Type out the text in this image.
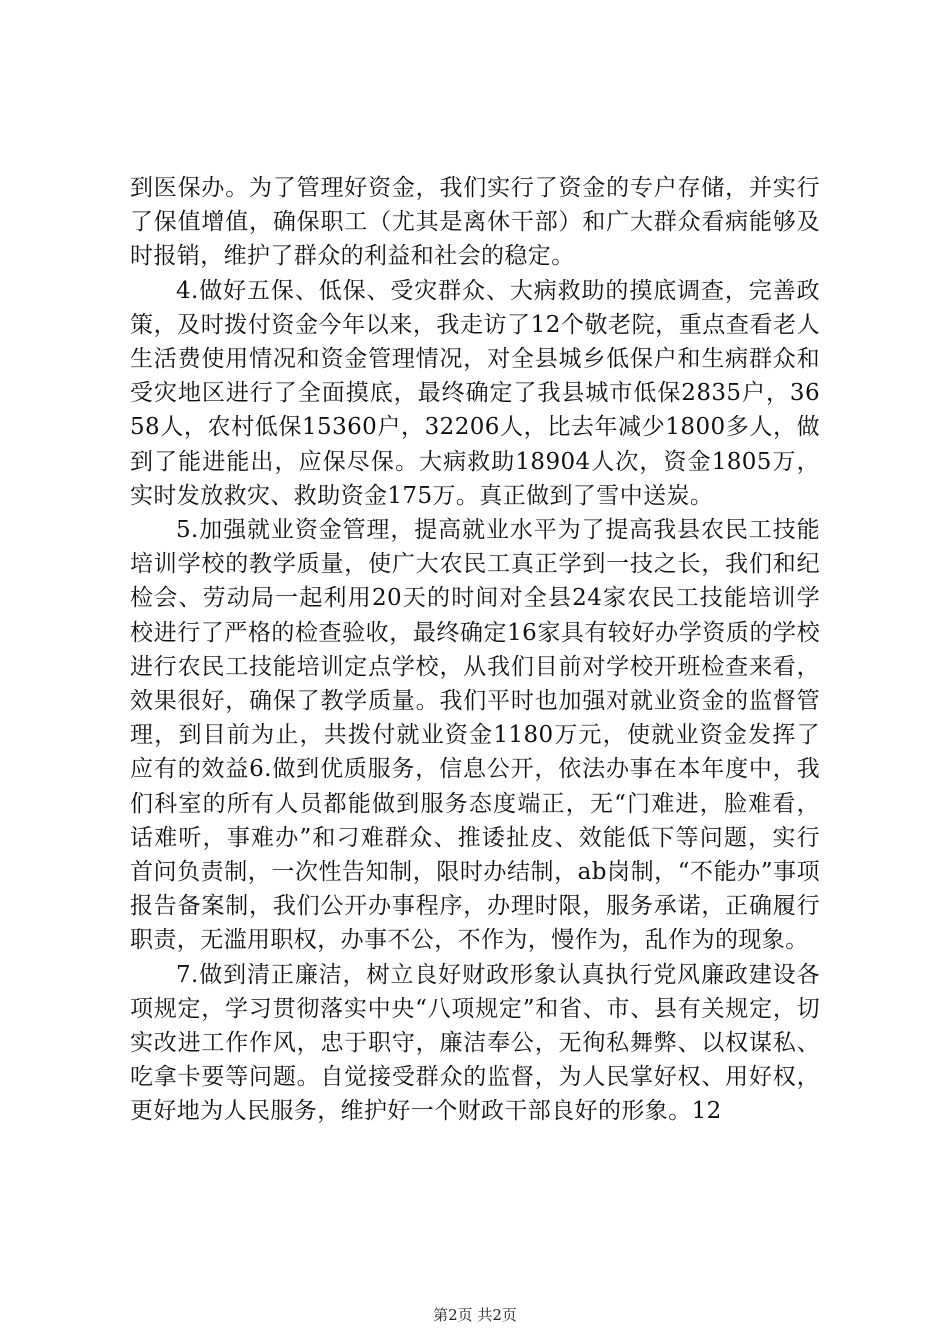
到医保办。为了管理好资金，我们实行了资金的专户存储，并实行了保值增值，确保职工（尤其是离休干部）和广大群众看病能够及时报销，维护了群众的利益和社会的稳定。

4.做好五保、低保、受灾群众、大病救助的摸底调查，完善政策，及时拨付资金今年以来，我走访了12个敬老院，重点查看老人生活费使用情况和资金管理情况，对全县城乡低保户和生病群众和受灾地区进行了全面摸底，最终确定了我县城市低保2835户，3658人，农村低保15360户，32206人，比去年减少1800多人，做到了能进能出，应保尽保。大病救助18904人次，资金1805万，实时发放救灾、救助资金175万。真正做到了雪中送炭。

5.加强就业资金管理，提高就业水平为了提高我县农民工技能培训学校的教学质量，使广大农民工真正学到一技之长，我们和纪检会、劳动局一起利用20天的时间对全县24家农民工技能培训学校进行了严格的检查验收，最终确定16家具有较好办学资质的学校进行农民工技能培训定点学校，从我们目前对学校开班检查来看，效果很好，确保了教学质量。我们平时也加强对就业资金的监督管理，到目前为止，共拨付就业资金1180万元，使就业资金发挥了应有的效益6.做到优质服务，信息公开，依法办事在本年度中，我们科室的所有人员都能做到服务态度端正，无“门难进，脸难看，话难听，事难办”和刁难群众、推诿扯皮、效能低下等问题，实行首问负责制，一次性告知制，限时办结制，ab岗制，“不能办”事项报告备案制，我们公开办事程序，办理时限，服务承诺，正确履行职责，无滥用职权，办事不公，不作为，慢作为，乱作为的现象。

7.做到清正廉洁，树立良好财政形象认真执行党风廉政建设各项规定，学习贯彻落实中央“八项规定”和省、市、县有关规定，切实改进工作作风，忠于职守，廉洁奉公，无徇私舞弊、以权谋私、吃拿卡要等问题。自觉接受群众的监督，为人民掌好权、用好权，更好地为人民服务，维护好一个财政干部良好的形象。12

第2页 共2页
